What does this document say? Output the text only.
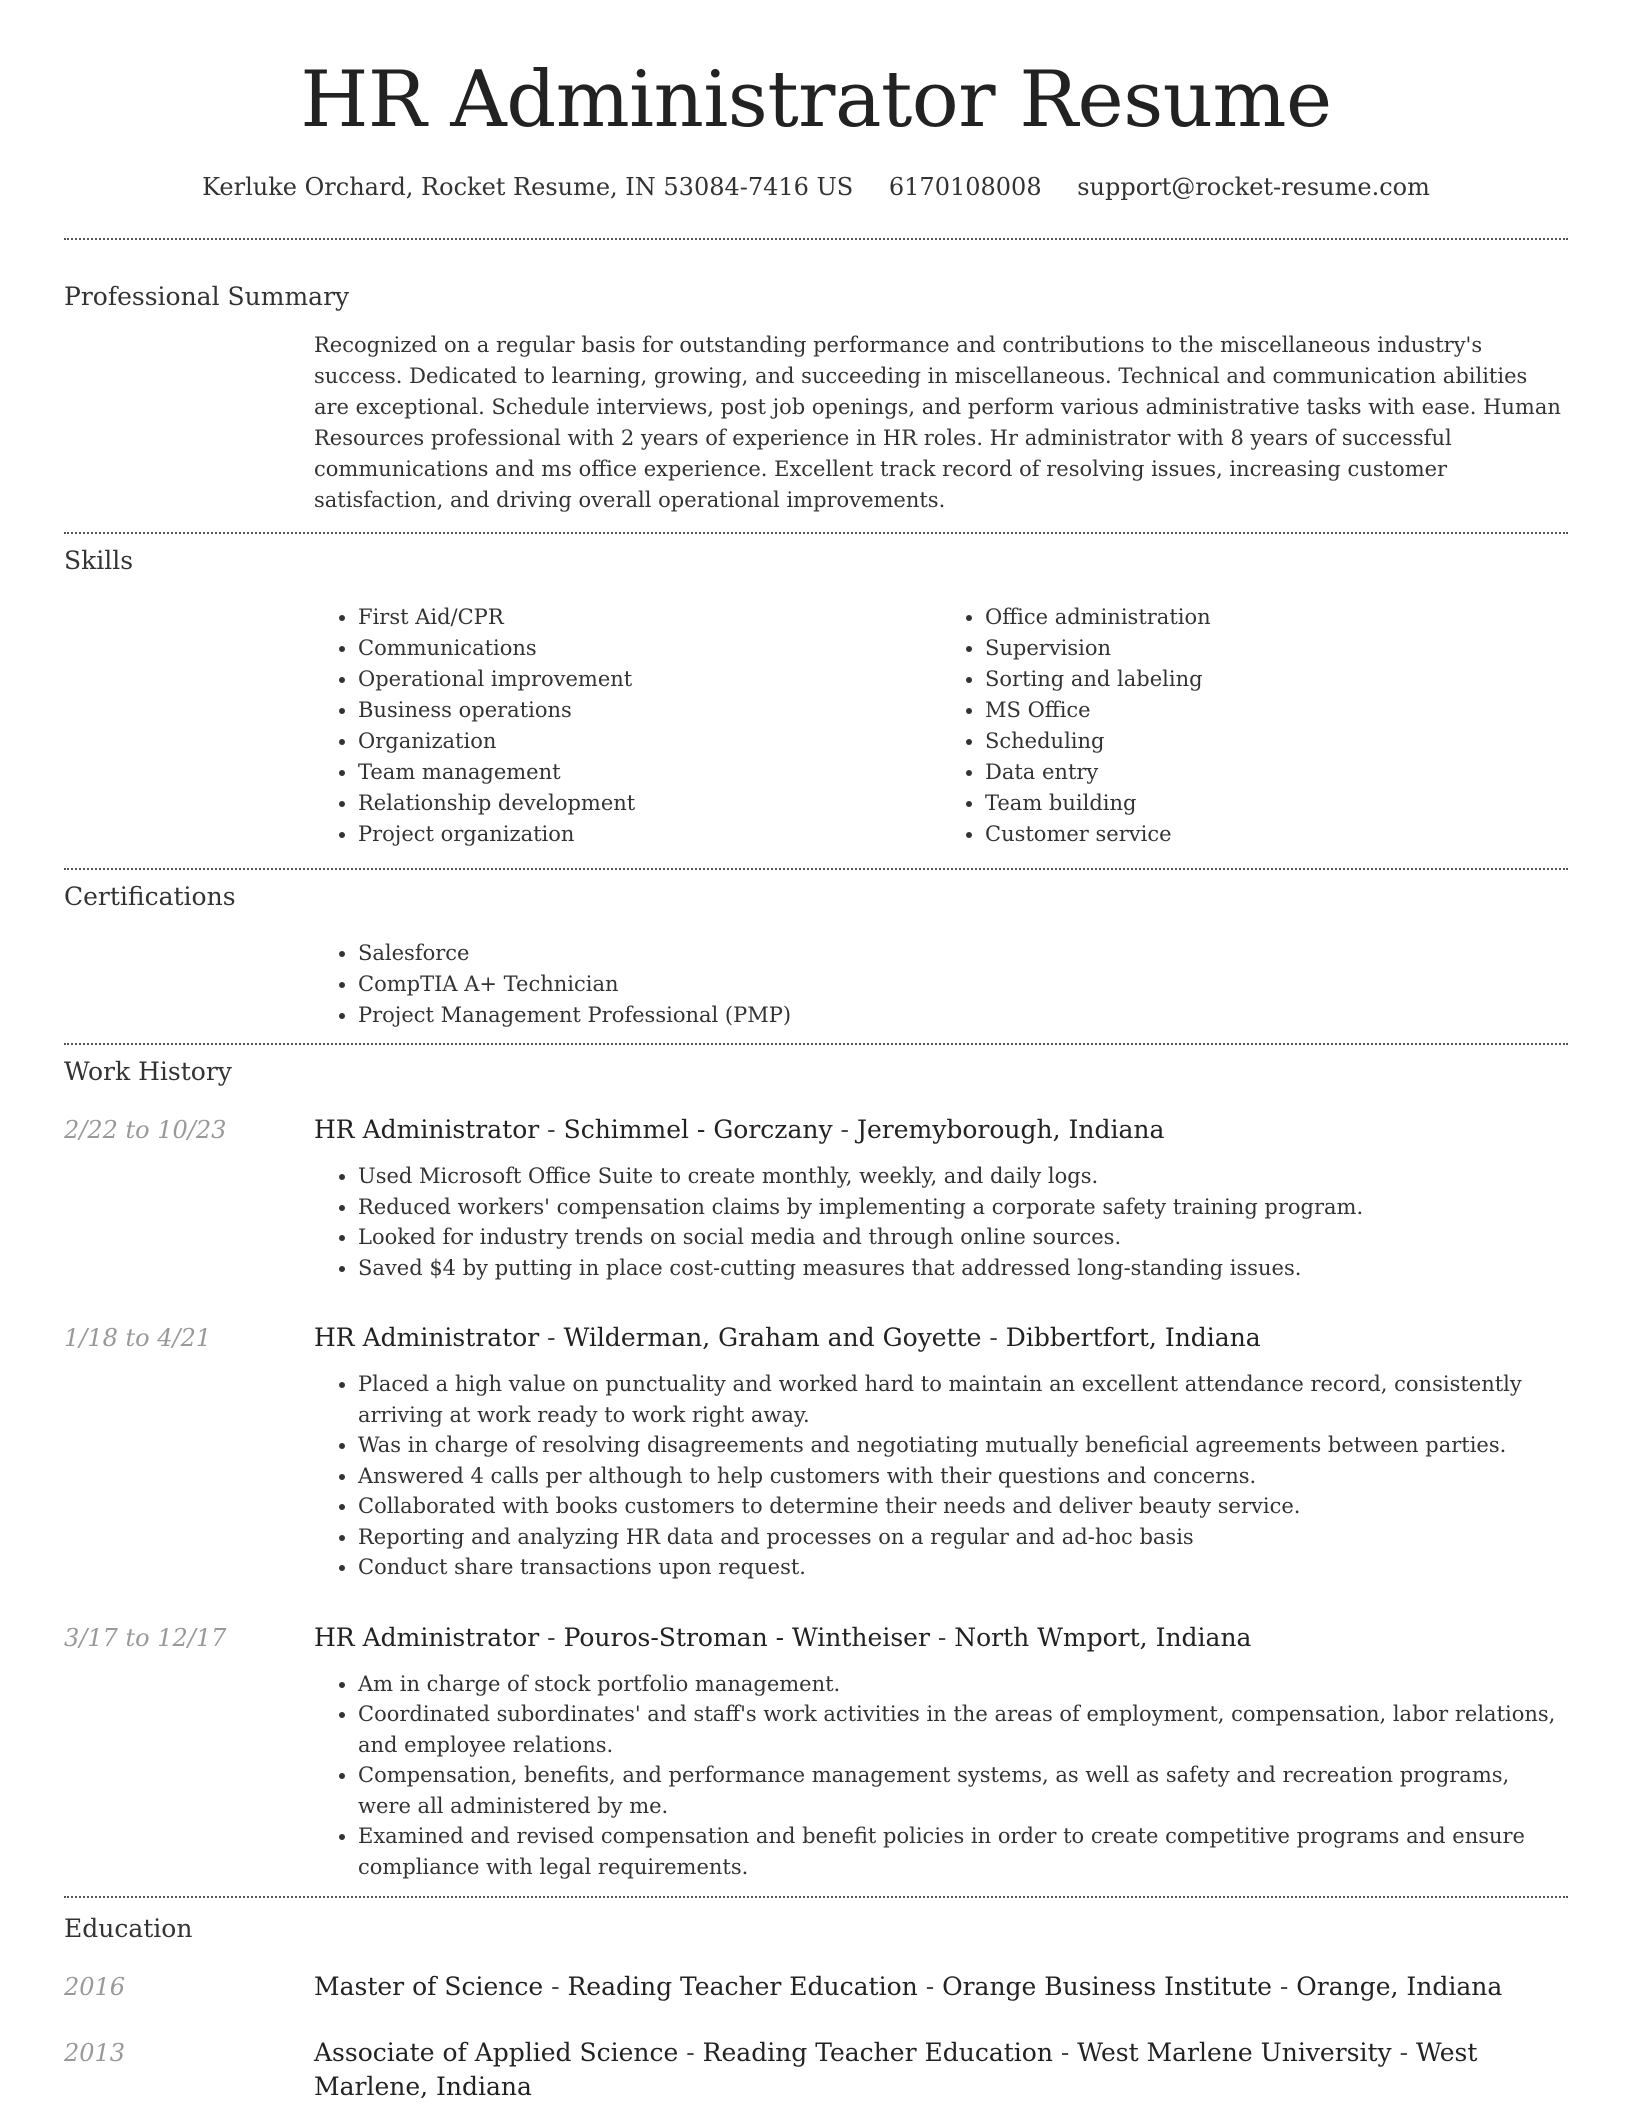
HR Administrator Resume
Kerluke Orchard, Rocket Resume, IN 53084-7416 US 6170108008 support@rocket-resume.com
Professional Summary
Recognized on a regular basis for outstanding performance and contributions to the miscellaneous industry's success. Dedicated to learning, growing, and succeeding in miscellaneous. Technical and communication abilities are exceptional. Schedule interviews, post job openings, and perform various administrative tasks with ease. Human Resources professional with 2 years of experience in HR roles. Hr administrator with 8 years of successful communications and ms office experience. Excellent track record of resolving issues, increasing customer satisfaction, and driving overall operational improvements.
Skills
• First Aid/CPR
• Communications
• Operational improvement
• Business operations
• Organization
• Team management
• Relationship development
• Project organization
• Office administration
• Supervision
• Sorting and labeling
• MS Office
• Scheduling
• Data entry
• Team building
• Customer service
Certifications
• Salesforce
• CompTIA A+ Technician
• Project Management Professional (PMP)
Work History
2/22 to 10/23	HR Administrator - Schimmel - Gorczany - Jeremyborough, Indiana
• Used Microsoft Office Suite to create monthly, weekly, and daily logs.
• Reduced workers' compensation claims by implementing a corporate safety training program.
• Looked for industry trends on social media and through online sources.
• Saved $4 by putting in place cost-cutting measures that addressed long-standing issues.
1/18 to 4/21	HR Administrator - Wilderman, Graham and Goyette - Dibbertfort, Indiana
• Placed a high value on punctuality and worked hard to maintain an excellent attendance record, consistently arriving at work ready to work right away.
• Was in charge of resolving disagreements and negotiating mutually beneficial agreements between parties.
• Answered 4 calls per although to help customers with their questions and concerns.
• Collaborated with books customers to determine their needs and deliver beauty service.
• Reporting and analyzing HR data and processes on a regular and ad-hoc basis
• Conduct share transactions upon request.
3/17 to 12/17	HR Administrator - Pouros-Stroman - Wintheiser - North Wmport, Indiana
• Am in charge of stock portfolio management.
• Coordinated subordinates' and staff's work activities in the areas of employment, compensation, labor relations, and employee relations.
• Compensation, benefits, and performance management systems, as well as safety and recreation programs, were all administered by me.
• Examined and revised compensation and benefit policies in order to create competitive programs and ensure compliance with legal requirements.
Education
2016	Master of Science - Reading Teacher Education - Orange Business Institute - Orange, Indiana
2013	Associate of Applied Science - Reading Teacher Education - West Marlene University - West Marlene, Indiana
